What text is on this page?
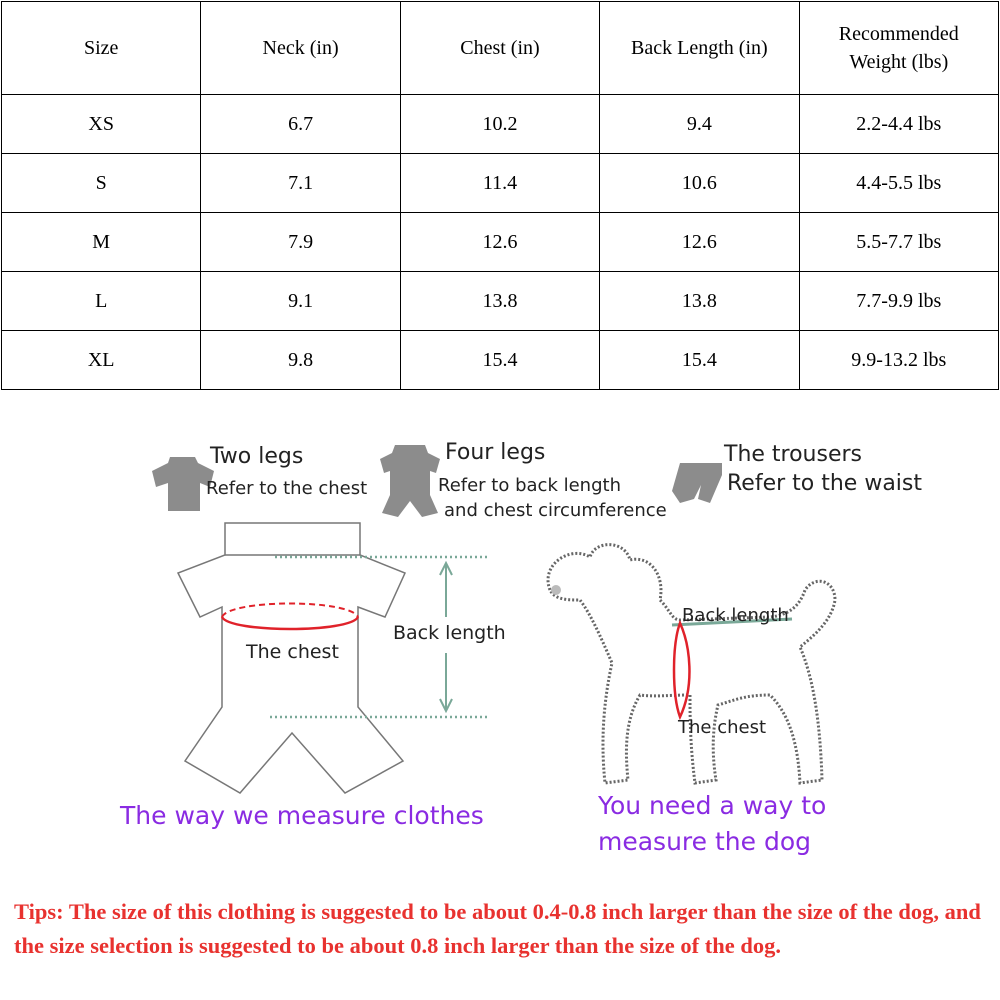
Size	Neck (in)	Chest (in)	Back Length (in)	Recommended
Weight (lbs)

XS	6.7	10.2	9.4	2.2-4.4 lbs
S	7.1	11.4	10.6	4.4-5.5 lbs
M	7.9	12.6	12.6	5.5-7.7 lbs
L	9.1	13.8	13.8	7.7-9.9 lbs
XL	9.8	15.4	15.4	9.9-13.2 lbs
Two legs
Refer to the chest
Four legs
Refer to back length
and chest circumference
The trousers
Refer to the waist
Back length
The chest
Back length
The chest
The way we measure clothes	You need a way to
measure the dog

Tips: The size of this clothing is suggested to be about 0.4-0.8 inch larger than the size of the dog, and the size selection is suggested to be about 0.8 inch larger than the size of the dog.
